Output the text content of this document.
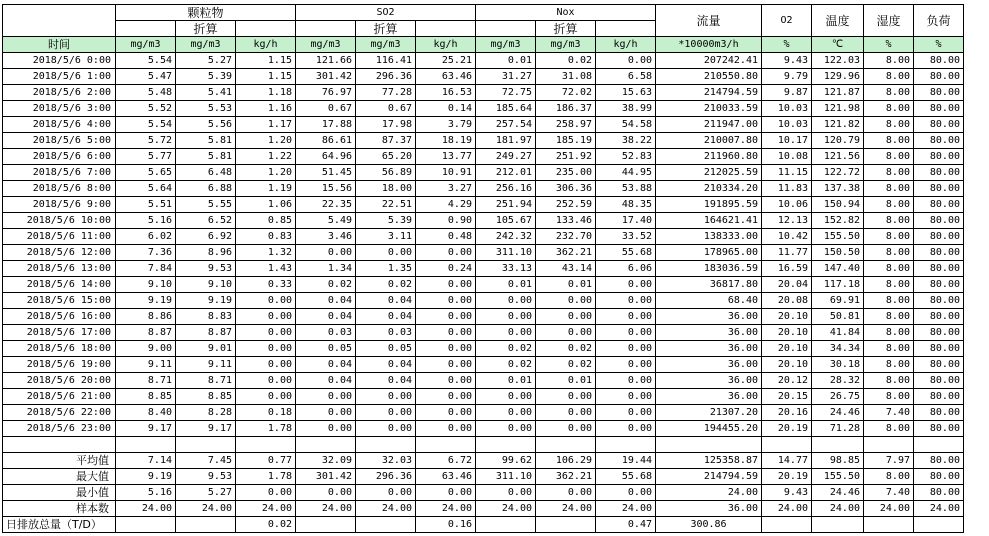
		颗粒物			SO2			Nox		流量	O2	温度	湿度	负荷
		折算			折算			折算						
时间	mg/m3	mg/m3	kg/h	mg/m3	mg/m3	kg/h	mg/m3	mg/m3	kg/h	*10000m3/h	%	℃	%	%
2018/5/6 0:00	5.54	5.27	1.15	121.66	116.41	25.21	0.01	0.02	0.00	207242.41	9.43	122.03	8.00	80.00
2018/5/6 1:00	5.47	5.39	1.15	301.42	296.36	63.46	31.27	31.08	6.58	210550.80	9.79	129.96	8.00	80.00
2018/5/6 2:00	5.48	5.41	1.18	76.97	77.28	16.53	72.75	72.02	15.63	214794.59	9.87	121.87	8.00	80.00
2018/5/6 3:00	5.52	5.53	1.16	0.67	0.67	0.14	185.64	186.37	38.99	210033.59	10.03	121.98	8.00	80.00
2018/5/6 4:00	5.54	5.56	1.17	17.88	17.98	3.79	257.54	258.97	54.58	211947.00	10.03	121.82	8.00	80.00
2018/5/6 5:00	5.72	5.81	1.20	86.61	87.37	18.19	181.97	185.19	38.22	210007.80	10.17	120.79	8.00	80.00
2018/5/6 6:00	5.77	5.81	1.22	64.96	65.20	13.77	249.27	251.92	52.83	211960.80	10.08	121.56	8.00	80.00
2018/5/6 7:00	5.65	6.48	1.20	51.45	56.89	10.91	212.01	235.00	44.95	212025.59	11.15	122.72	8.00	80.00
2018/5/6 8:00	5.64	6.88	1.19	15.56	18.00	3.27	256.16	306.36	53.88	210334.20	11.83	137.38	8.00	80.00
2018/5/6 9:00	5.51	5.55	1.06	22.35	22.51	4.29	251.94	252.59	48.35	191895.59	10.06	150.94	8.00	80.00
2018/5/6 10:00	5.16	6.52	0.85	5.49	5.39	0.90	105.67	133.46	17.40	164621.41	12.13	152.82	8.00	80.00
2018/5/6 11:00	6.02	6.92	0.83	3.46	3.11	0.48	242.32	232.70	33.52	138333.00	10.42	155.50	8.00	80.00
2018/5/6 12:00	7.36	8.96	1.32	0.00	0.00	0.00	311.10	362.21	55.68	178965.00	11.77	150.50	8.00	80.00
2018/5/6 13:00	7.84	9.53	1.43	1.34	1.35	0.24	33.13	43.14	6.06	183036.59	16.59	147.40	8.00	80.00
2018/5/6 14:00	9.10	9.10	0.33	0.02	0.02	0.00	0.01	0.01	0.00	36817.80	20.04	117.18	8.00	80.00
2018/5/6 15:00	9.19	9.19	0.00	0.04	0.04	0.00	0.00	0.00	0.00	68.40	20.08	69.91	8.00	80.00
2018/5/6 16:00	8.86	8.83	0.00	0.04	0.04	0.00	0.00	0.00	0.00	36.00	20.10	50.81	8.00	80.00
2018/5/6 17:00	8.87	8.87	0.00	0.03	0.03	0.00	0.00	0.00	0.00	36.00	20.10	41.84	8.00	80.00
2018/5/6 18:00	9.00	9.01	0.00	0.05	0.05	0.00	0.02	0.02	0.00	36.00	20.10	34.34	8.00	80.00
2018/5/6 19:00	9.11	9.11	0.00	0.04	0.04	0.00	0.02	0.02	0.00	36.00	20.10	30.18	8.00	80.00
2018/5/6 20:00	8.71	8.71	0.00	0.04	0.04	0.00	0.01	0.01	0.00	36.00	20.12	28.32	8.00	80.00
2018/5/6 21:00	8.85	8.85	0.00	0.00	0.00	0.00	0.00	0.00	0.00	36.00	20.15	26.75	8.00	80.00
2018/5/6 22:00	8.40	8.28	0.18	0.00	0.00	0.00	0.00	0.00	0.00	21307.20	20.16	24.46	7.40	80.00
2018/5/6 23:00	9.17	9.17	1.78	0.00	0.00	0.00	0.00	0.00	0.00	194455.20	20.19	71.28	8.00	80.00

平均值	7.14	7.45	0.77	32.09	32.03	6.72	99.62	106.29	19.44	125358.87	14.77	98.85	7.97	80.00
最大值	9.19	9.53	1.78	301.42	296.36	63.46	311.10	362.21	55.68	214794.59	20.19	155.50	8.00	80.00
最小值	5.16	5.27	0.00	0.00	0.00	0.00	0.00	0.00	0.00	24.00	9.43	24.46	7.40	80.00
样本数	24.00	24.00	24.00	24.00	24.00	24.00	24.00	24.00	24.00	36.00	24.00	24.00	24.00	24.00
日排放总量（T/D）			0.02			0.16			0.47	300.86				
